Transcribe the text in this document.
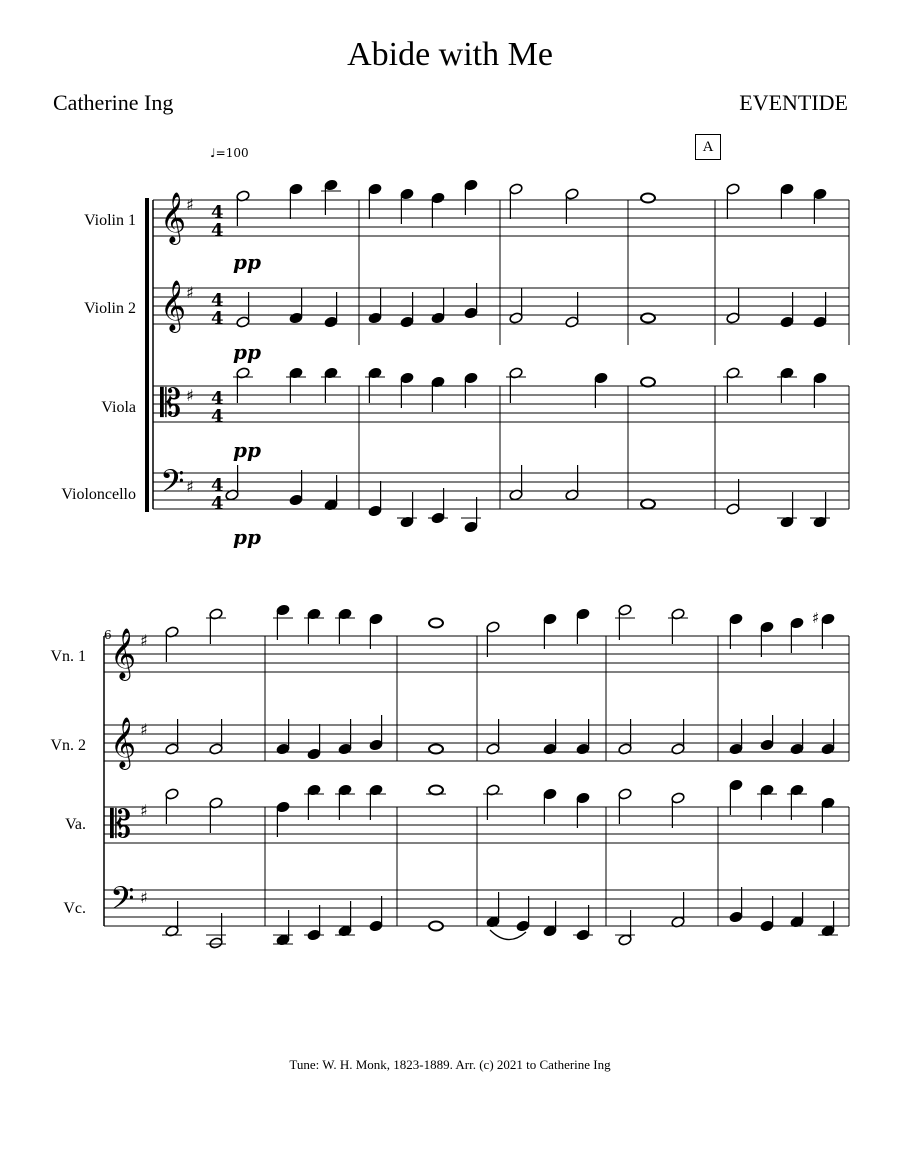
Abide with Me
Catherine Ing	EVENTIDE
♩=100	A
Violin 1
Violin 2
Viola
Violoncello
pp
pp
pp
pp
6
Vn. 1
Vn. 2
Va.
Vc.
𝄞
𝄞
𝄡
𝄢
♯
♯
♯
♯
4
4
4
4
4
4
4
4
𝄞
𝄞
𝄡
𝄢
♯
♯
♯
♯
♯
Tune: W. H. Monk, 1823-1889. Arr. (c) 2021 to Catherine Ing
